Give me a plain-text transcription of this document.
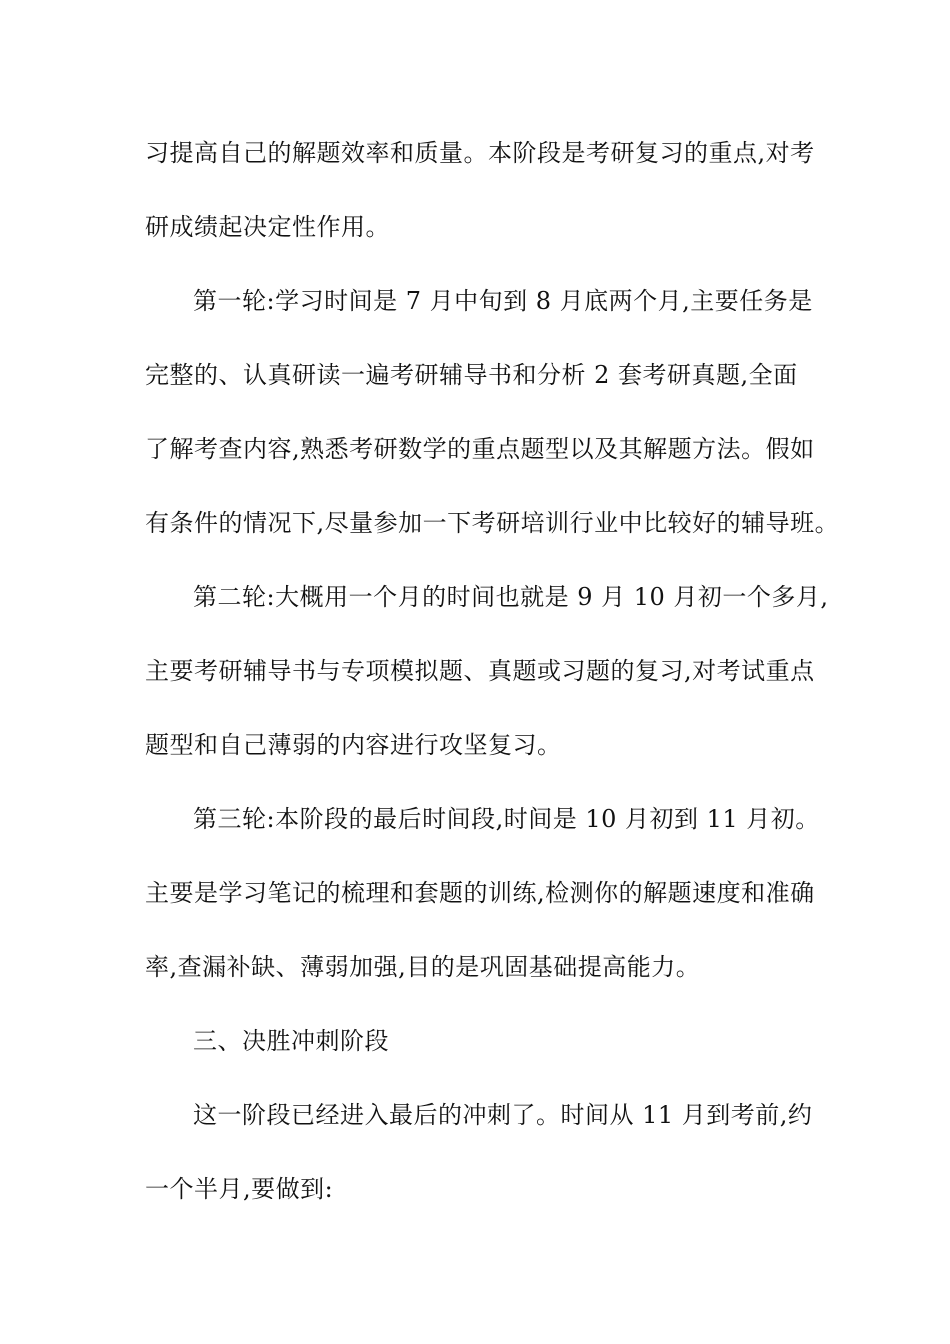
习提高自己的解题效率和质量。本阶段是考研复习的重点,对考
研成绩起决定性作用。
第一轮:学习时间是 7 月中旬到 8 月底两个月,主要任务是
完整的、认真研读一遍考研辅导书和分析 2 套考研真题,全面
了解考查内容,熟悉考研数学的重点题型以及其解题方法。假如
有条件的情况下,尽量参加一下考研培训行业中比较好的辅导班。
第二轮:大概用一个月的时间也就是 9 月 10 月初一个多月,
主要考研辅导书与专项模拟题、真题或习题的复习,对考试重点
题型和自己薄弱的内容进行攻坚复习。
第三轮:本阶段的最后时间段,时间是 10 月初到 11 月初。
主要是学习笔记的梳理和套题的训练,检测你的解题速度和准确
率,查漏补缺、薄弱加强,目的是巩固基础提高能力。
三、决胜冲刺阶段
这一阶段已经进入最后的冲刺了。时间从 11 月到考前,约
一个半月,要做到:
